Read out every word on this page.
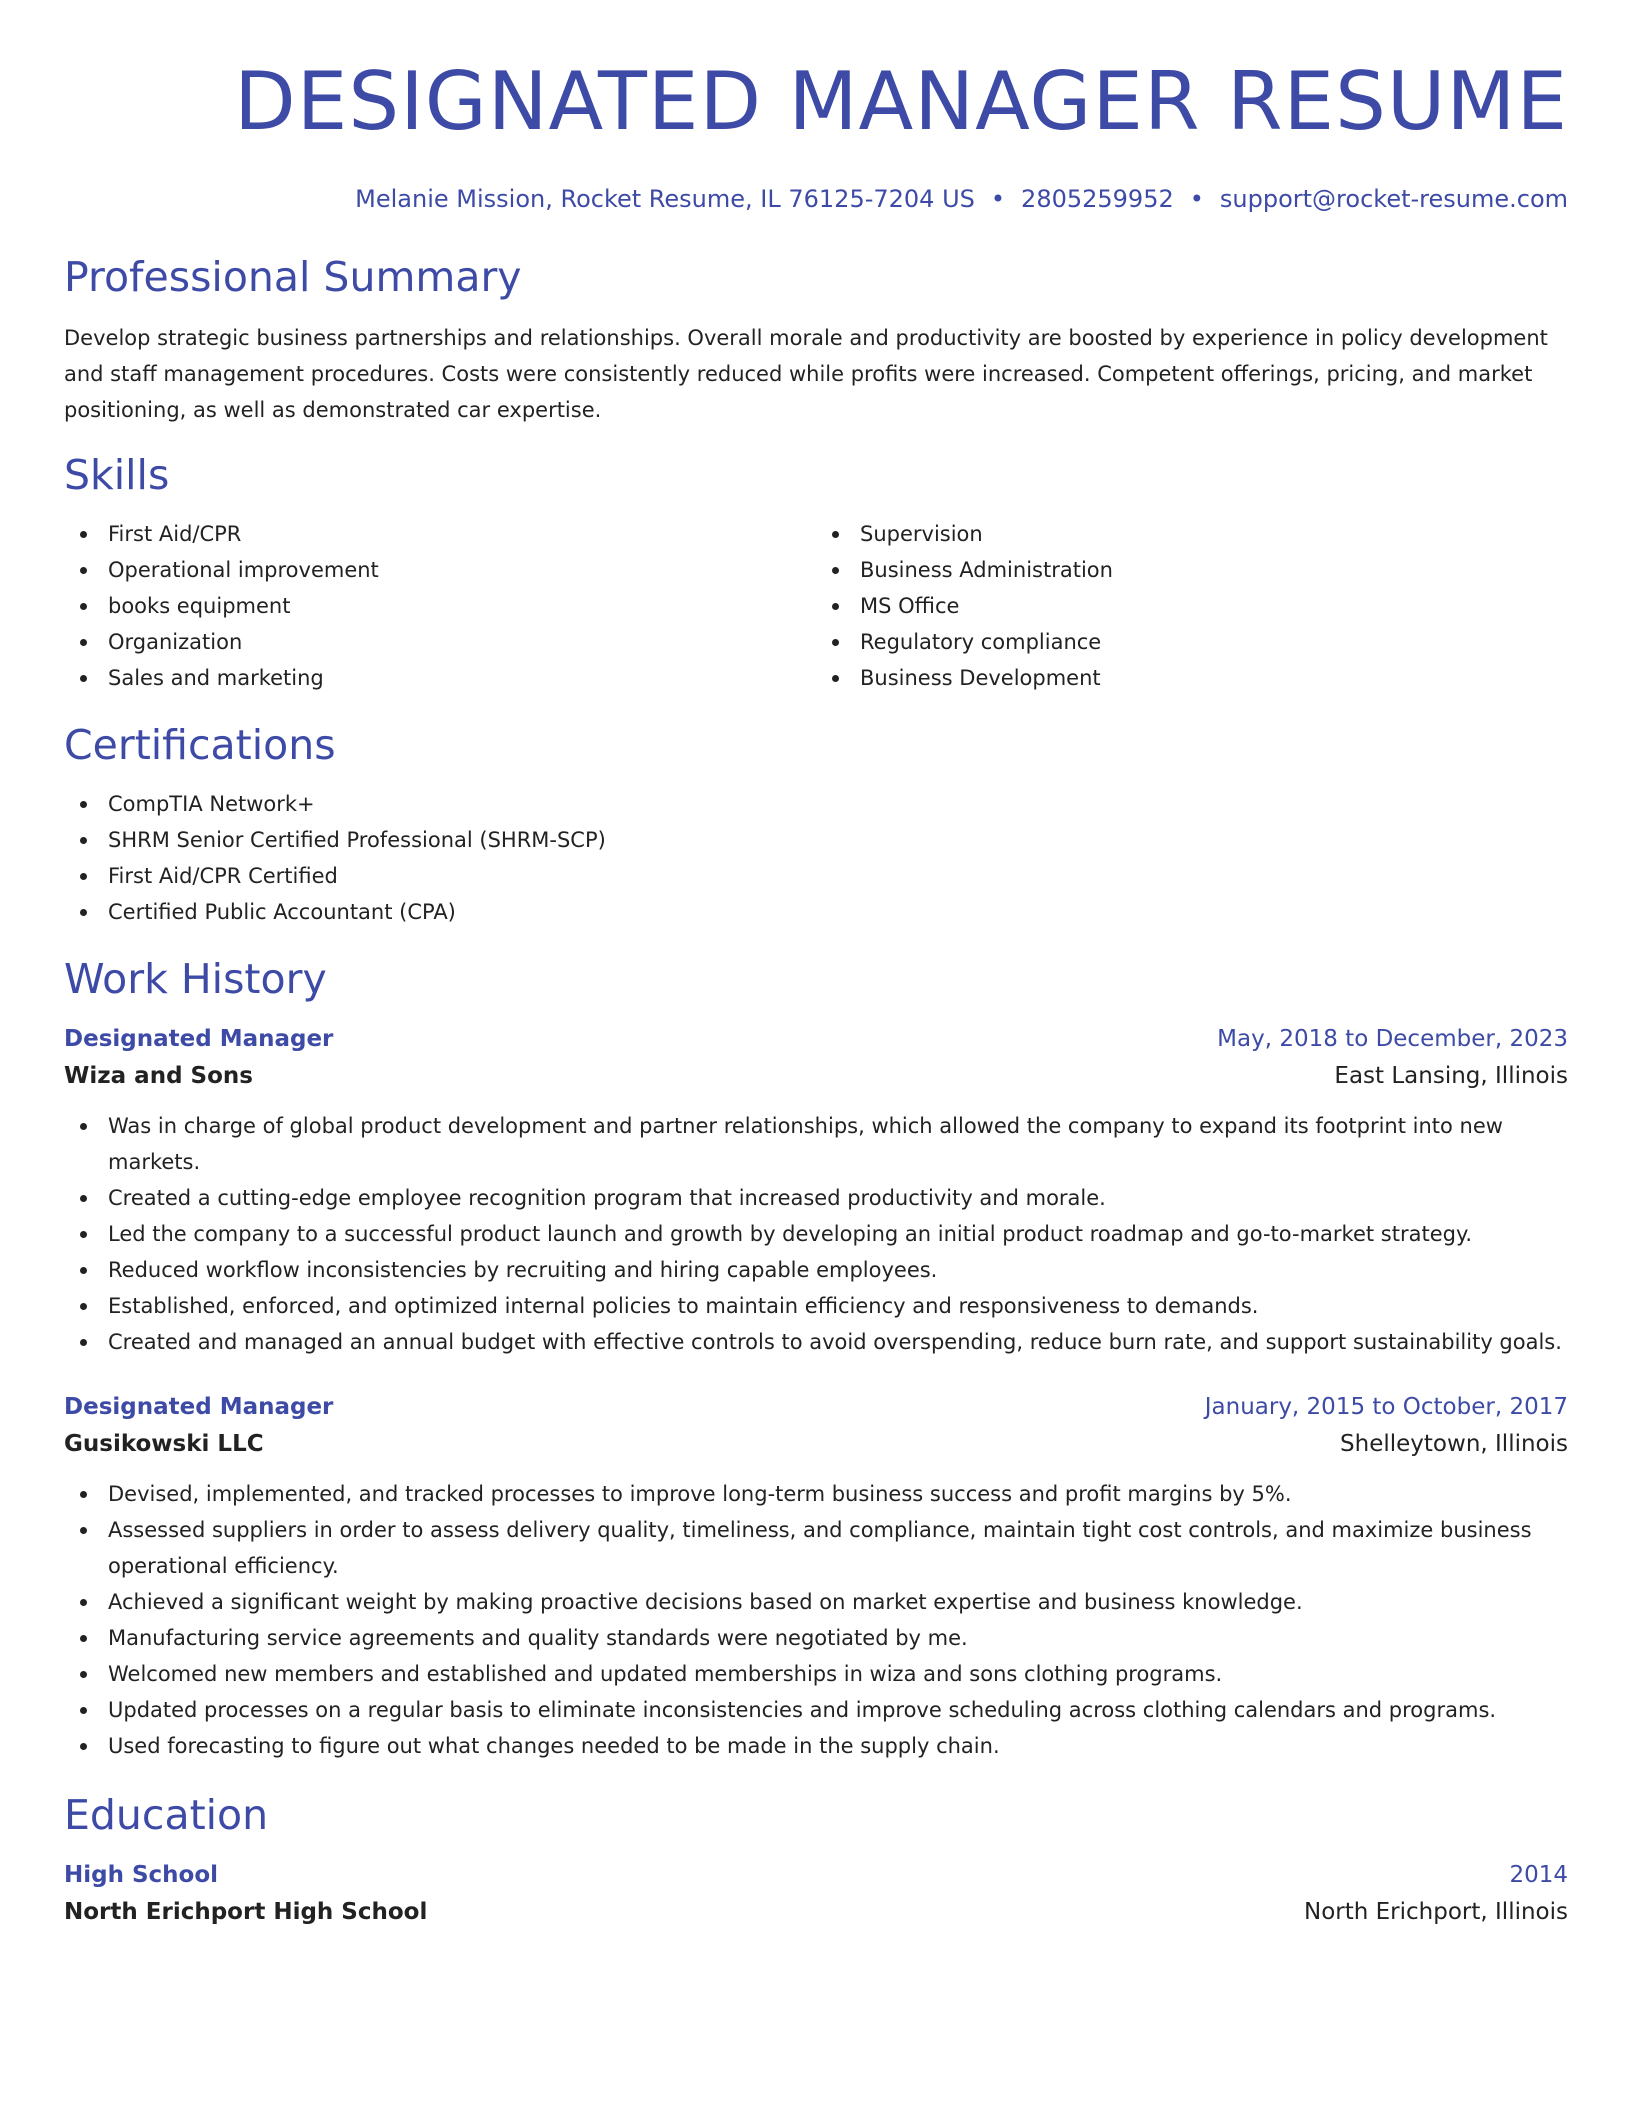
DESIGNATED MANAGER RESUME
Melanie Mission, Rocket Resume, IL 76125-7204 US • 2805259952 • support@rocket-resume.com
Professional Summary

Develop strategic business partnerships and relationships. Overall morale and productivity are boosted by experience in policy development and staff management procedures. Costs were consistently reduced while profits were increased. Competent offerings, pricing, and market positioning, as well as demonstrated car expertise.

Skills
First Aid/CPR
Operational improvement
books equipment
Organization
Sales and marketing
Supervision
Business Administration
MS Office
Regulatory compliance
Business Development
Certifications
CompTIA Network+
SHRM Senior Certified Professional (SHRM-SCP)
First Aid/CPR Certified
Certified Public Accountant (CPA)
Work History
Designated Manager	May, 2018 to December, 2023
Wiza and Sons	East Lansing, Illinois
Was in charge of global product development and partner relationships, which allowed the company to expand its footprint into new markets.
Created a cutting-edge employee recognition program that increased productivity and morale.
Led the company to a successful product launch and growth by developing an initial product roadmap and go-to-market strategy.
Reduced workflow inconsistencies by recruiting and hiring capable employees.
Established, enforced, and optimized internal policies to maintain efficiency and responsiveness to demands.
Created and managed an annual budget with effective controls to avoid overspending, reduce burn rate, and support sustainability goals.
Designated Manager	January, 2015 to October, 2017
Gusikowski LLC	Shelleytown, Illinois
Devised, implemented, and tracked processes to improve long-term business success and profit margins by 5%.
Assessed suppliers in order to assess delivery quality, timeliness, and compliance, maintain tight cost controls, and maximize business operational efficiency.
Achieved a significant weight by making proactive decisions based on market expertise and business knowledge.
Manufacturing service agreements and quality standards were negotiated by me.
Welcomed new members and established and updated memberships in wiza and sons clothing programs.
Updated processes on a regular basis to eliminate inconsistencies and improve scheduling across clothing calendars and programs.
Used forecasting to figure out what changes needed to be made in the supply chain.
Education
High School	2014
North Erichport High School	North Erichport, Illinois
